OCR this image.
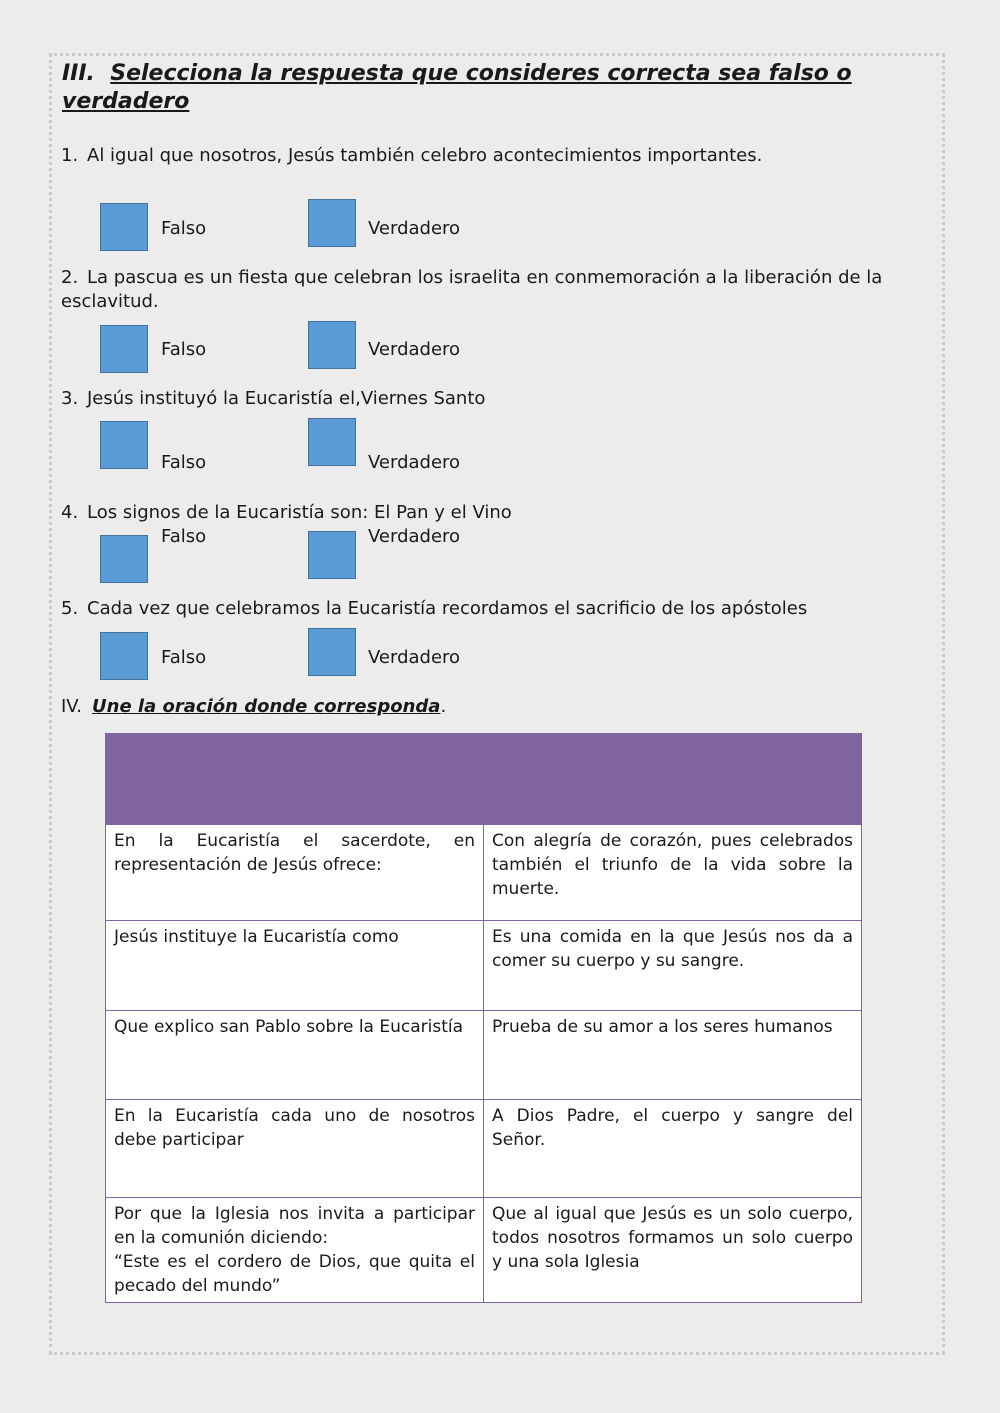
III. Selecciona la respuesta que consideres correcta sea falso o verdadero

1. Al igual que nosotros, Jesús también celebro acontecimientos importantes.

Falso	Verdadero

2. La pascua es un fiesta que celebran los israelita en conmemoración a la liberación de la esclavitud.

Falso	Verdadero

3. Jesús instituyó la Eucaristía el,Viernes Santo

Falso	Verdadero

4. Los signos de la Eucaristía son: El Pan y el Vino

Falso	Verdadero

5. Cada vez que celebramos la Eucaristía recordamos el sacrificio de los apóstoles

Falso	Verdadero

IV. Une la oración donde corresponda.

En la Eucaristía el sacerdote, en representación de Jesús ofrece:	Con alegría de corazón, pues celebrados también el triunfo de la vida sobre la muerte.
Jesús instituye la Eucaristía como	Es una comida en la que Jesús nos da a comer su cuerpo y su sangre.
Que explico san Pablo sobre la Eucaristía	Prueba de su amor a los seres humanos
En la Eucaristía cada uno de nosotros debe participar	A Dios Padre, el cuerpo y sangre del Señor.
Por que la Iglesia nos invita a participar en la comunión diciendo:
“Este es el cordero de Dios, que quita el pecado del mundo”	Que al igual que Jesús es un solo cuerpo, todos nosotros formamos un solo cuerpo y una sola Iglesia
